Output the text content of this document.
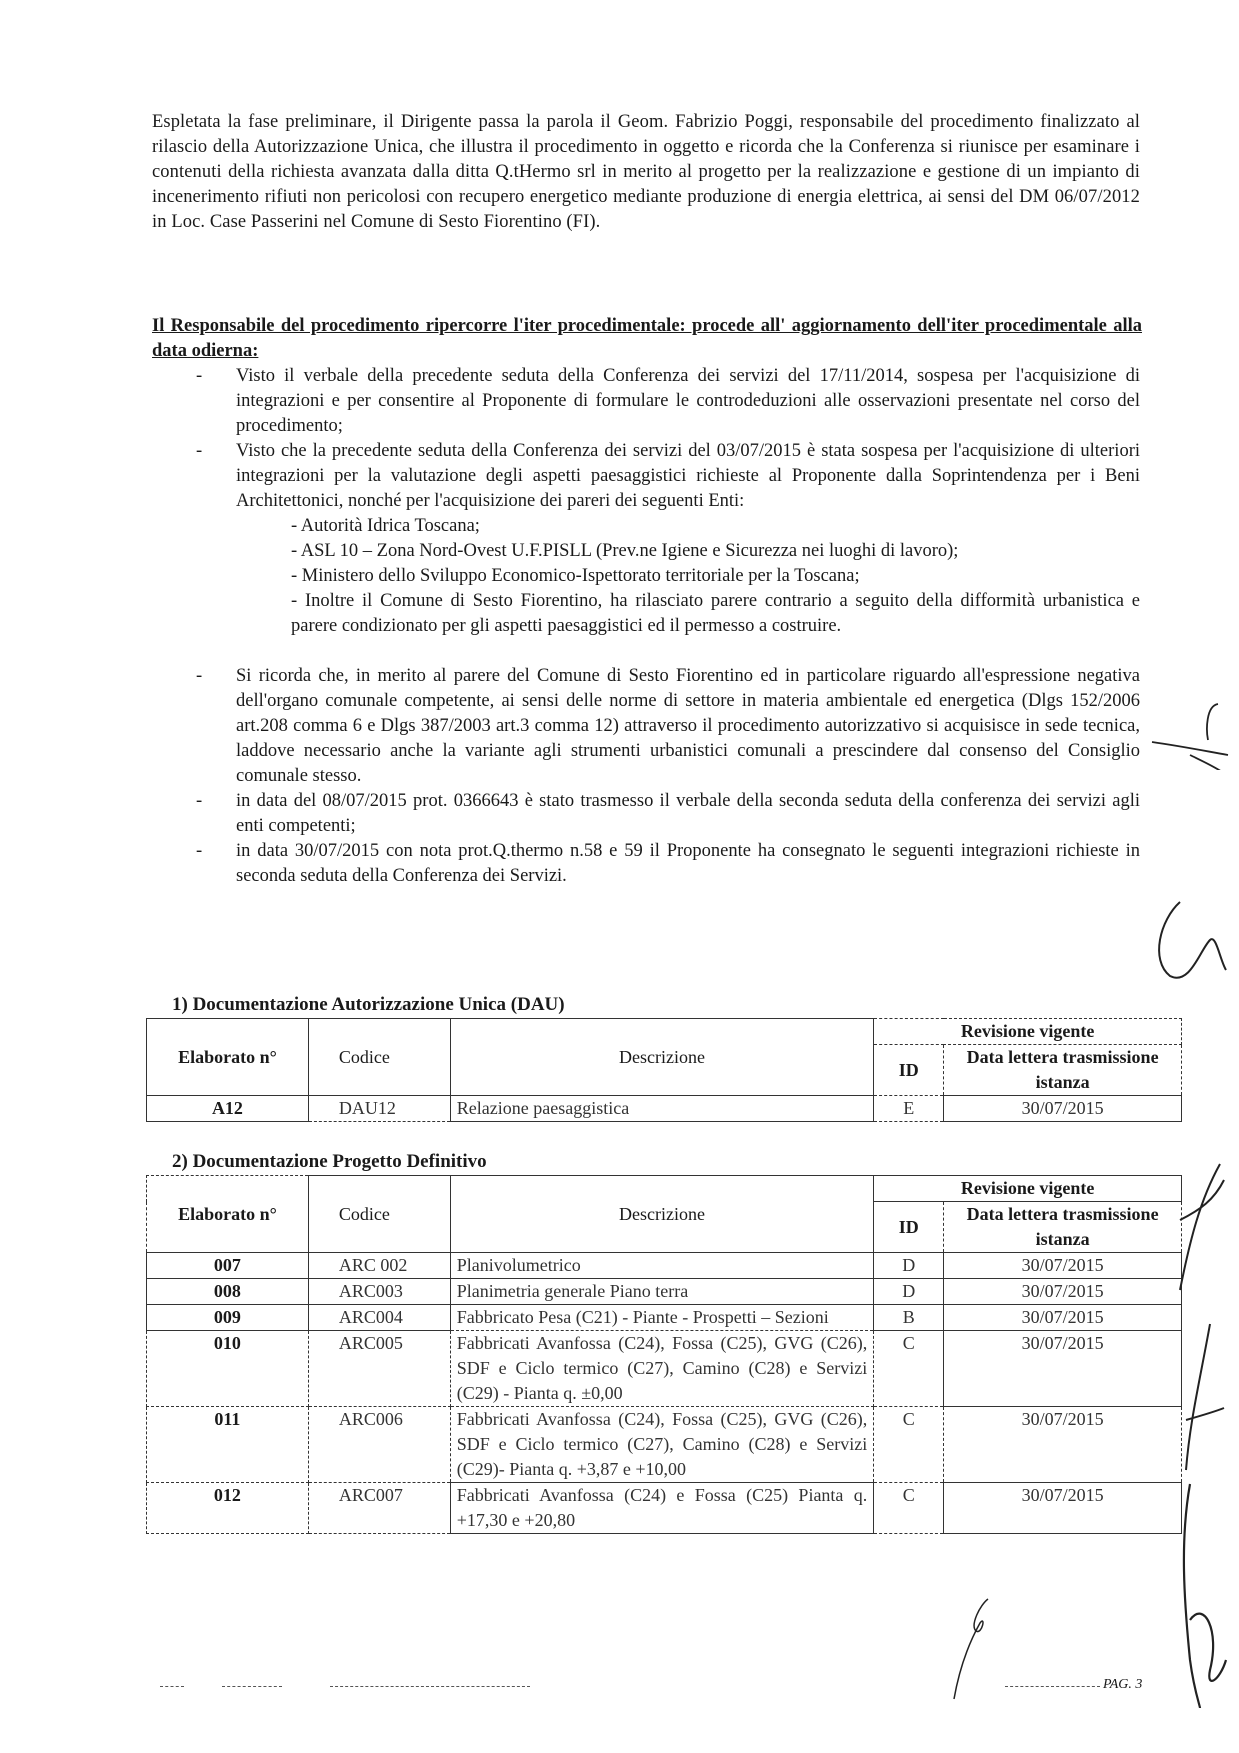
Espletata la fase preliminare, il Dirigente passa la parola il Geom. Fabrizio Poggi, responsabile del procedimento finalizzato al rilascio della Autorizzazione Unica, che illustra il procedimento in oggetto e ricorda che la Conferenza si riunisce per esaminare i contenuti della richiesta avanzata dalla ditta Q.tHermo srl in merito al progetto per la realizzazione e gestione di un impianto di incenerimento rifiuti non pericolosi con recupero energetico mediante produzione di energia elettrica, ai sensi del DM 06/07/2012 in Loc. Case Passerini nel Comune di Sesto Fiorentino (FI).
Il Responsabile del procedimento ripercorre l'iter procedimentale: procede all' aggiornamento dell'iter procedimentale alla data odierna:
- Visto il verbale della precedente seduta della Conferenza dei servizi del 17/11/2014, sospesa per l'acquisizione di integrazioni e per consentire al Proponente di formulare le controdeduzioni alle osservazioni presentate nel corso del procedimento;
- Visto che la precedente seduta della Conferenza dei servizi del 03/07/2015 è stata sospesa per l'acquisizione di ulteriori integrazioni per la valutazione degli aspetti paesaggistici richieste al Proponente dalla Soprintendenza per i Beni Architettonici, nonché per l'acquisizione dei pareri dei seguenti Enti:
- Autorità Idrica Toscana;
- ASL 10 – Zona Nord-Ovest U.F.PISLL (Prev.ne Igiene e Sicurezza nei luoghi di lavoro);
- Ministero dello Sviluppo Economico-Ispettorato territoriale per la Toscana;
- Inoltre il Comune di Sesto Fiorentino, ha rilasciato parere contrario a seguito della difformità urbanistica e parere condizionato per gli aspetti paesaggistici ed il permesso a costruire.
- Si ricorda che, in merito al parere del Comune di Sesto Fiorentino ed in particolare riguardo all'espressione negativa dell'organo comunale competente, ai sensi delle norme di settore in materia ambientale ed energetica (Dlgs 152/2006 art.208 comma 6 e Dlgs 387/2003 art.3 comma 12) attraverso il procedimento autorizzativo si acquisisce in sede tecnica, laddove necessario anche la variante agli strumenti urbanistici comunali a prescindere dal consenso del Consiglio comunale stesso.
- in data del 08/07/2015 prot. 0366643 è stato trasmesso il verbale della seconda seduta della conferenza dei servizi agli enti competenti;
- in data 30/07/2015 con nota prot.Q.thermo n.58 e 59 il Proponente ha consegnato le seguenti integrazioni richieste in seconda seduta della Conferenza dei Servizi.
1) Documentazione Autorizzazione Unica (DAU)
Elaborato n°	Codice	Descrizione	Revisione vigente	
			ID	Data lettera trasmissione istanza
A12	DAU12	Relazione paesaggistica	E	30/07/2015
2) Documentazione Progetto Definitivo
Elaborato n°	Codice	Descrizione	Revisione vigente	
			ID	Data lettera trasmissione istanza
007	ARC 002	Planivolumetrico	D	30/07/2015
008	ARC003	Planimetria generale Piano terra	D	30/07/2015
009	ARC004	Fabbricato Pesa (C21) - Piante - Prospetti – Sezioni	B	30/07/2015
010	ARC005	Fabbricati Avanfossa (C24), Fossa (C25), GVG (C26), SDF e Ciclo termico (C27), Camino (C28) e Servizi (C29) - Pianta q. ±0,00	C	30/07/2015
011	ARC006	Fabbricati Avanfossa (C24), Fossa (C25), GVG (C26), SDF e Ciclo termico (C27), Camino (C28) e Servizi (C29)- Pianta q. +3,87 e +10,00	C	30/07/2015
012	ARC007	Fabbricati Avanfossa (C24) e Fossa (C25) Pianta q. +17,30 e +20,80	C	30/07/2015
PAG. 3
